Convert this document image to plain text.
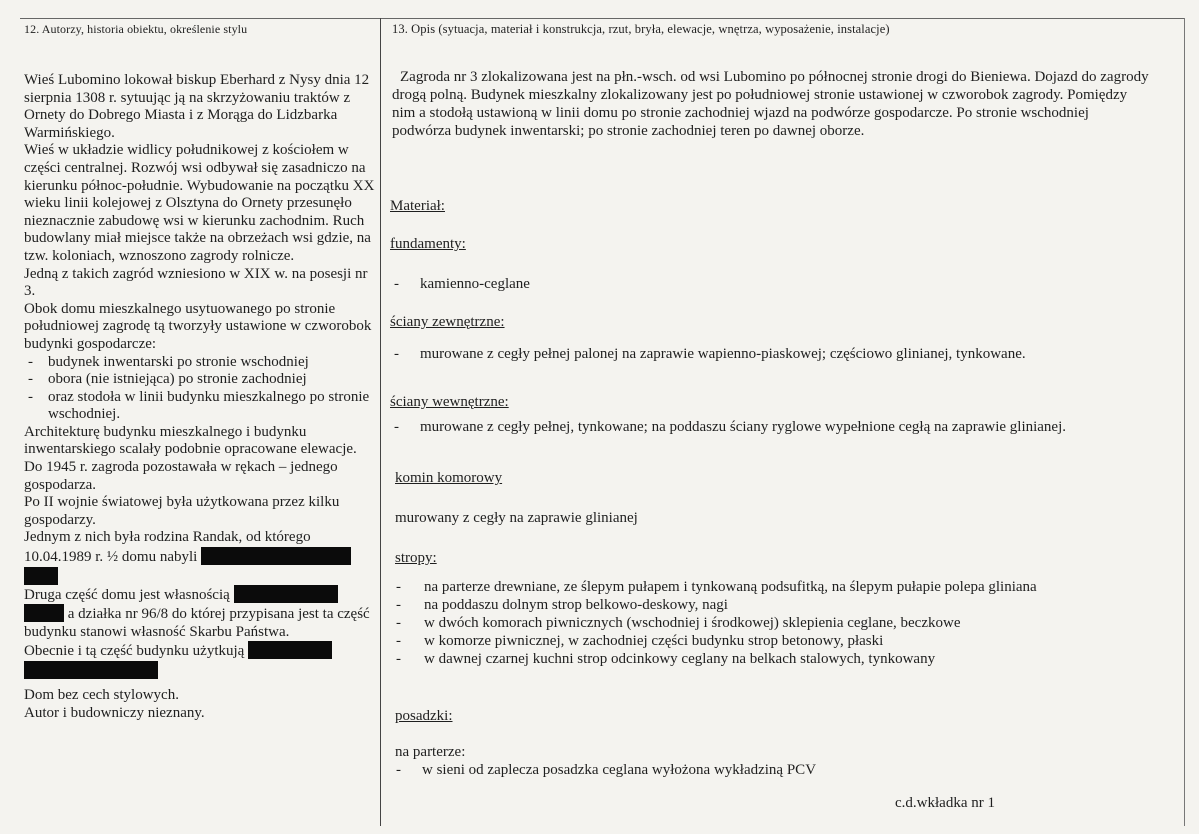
12. Autorzy, historia obiektu, określenie stylu	13. Opis (sytuacja, materiał i konstrukcja, rzut, bryła, elewacje, wnętrza, wyposażenie, instalacje)

Wieś Lubomino lokował biskup Eberhard z Nysy dnia 12 sierpnia 1308 r. sytuując ją na skrzyżowaniu traktów z Ornety do Dobrego Miasta i z Morąga do Lidzbarka Warmińskiego.

Wieś w układzie widlicy południkowej z kościołem w części centralnej. Rozwój wsi odbywał się zasadniczo na kierunku północ-południe. Wybudowanie na początku XX wieku linii kolejowej z Olsztyna do Ornety przesunęło nieznacznie zabudowę wsi w kierunku zachodnim. Ruch budowlany miał miejsce także na obrzeżach wsi gdzie, na tzw. koloniach, wznoszono zagrody rolnicze.

Jedną z takich zagród wzniesiono w XIX w. na posesji nr 3.

Obok domu mieszkalnego usytuowanego po stronie południowej zagrodę tą tworzyły ustawione w czworobok budynki gospodarcze:

- budynek inwentarski po stronie wschodniej
- obora (nie istniejąca) po stronie zachodniej
- oraz stodoła w linii budynku mieszkalnego po stronie wschodniej.

Architekturę budynku mieszkalnego i budynku inwentarskiego scalały podobnie opracowane elewacje. Do 1945 r. zagroda pozostawała w rękach – jednego gospodarza.

Po II wojnie światowej była użytkowana przez kilku gospodarzy.

Jednym z nich była rodzina Randak, od którego 10.04.1989 r. ½ domu nabyli

Druga część domu jest własnością

a działka nr 96/8 do której przypisana jest ta część budynku stanowi własność Skarbu Państwa.

Obecnie i tą część budynku użytkują

Dom bez cech stylowych.

Autor i budowniczy nieznany.

Zagroda nr 3 zlokalizowana jest na płn.-wsch. od wsi Lubomino po północnej stronie drogi do Bieniewa. Dojazd do zagrody drogą polną. Budynek mieszkalny zlokalizowany jest po południowej stronie ustawionej w czworobok zagrody. Pomiędzy nim a stodołą ustawioną w linii domu po stronie zachodniej wjazd na podwórze gospodarcze. Po stronie wschodniej podwórza budynek inwentarski; po stronie zachodniej teren po dawnej oborze.

Materiał:
fundamenty:
- kamienno-ceglane
ściany zewnętrzne:
- murowane z cegły pełnej palonej na zaprawie wapienno-piaskowej; częściowo glinianej, tynkowane.
ściany wewnętrzne:
- murowane z cegły pełnej, tynkowane; na poddaszu ściany ryglowe wypełnione cegłą na zaprawie glinianej.
komin komorowy
murowany z cegły na zaprawie glinianej
stropy:
- na parterze drewniane, ze ślepym pułapem i tynkowaną podsufitką, na ślepym pułapie polepa gliniana
- na poddaszu dolnym strop belkowo-deskowy, nagi
- w dwóch komorach piwnicznych (wschodniej i środkowej) sklepienia ceglane, beczkowe
- w komorze piwnicznej, w zachodniej części budynku strop betonowy, płaski
- w dawnej czarnej kuchni strop odcinkowy ceglany na belkach stalowych, tynkowany
posadzki:
na parterze:
- w sieni od zaplecza posadzka ceglana wyłożona wykładziną PCV
c.d.wkładka nr 1
